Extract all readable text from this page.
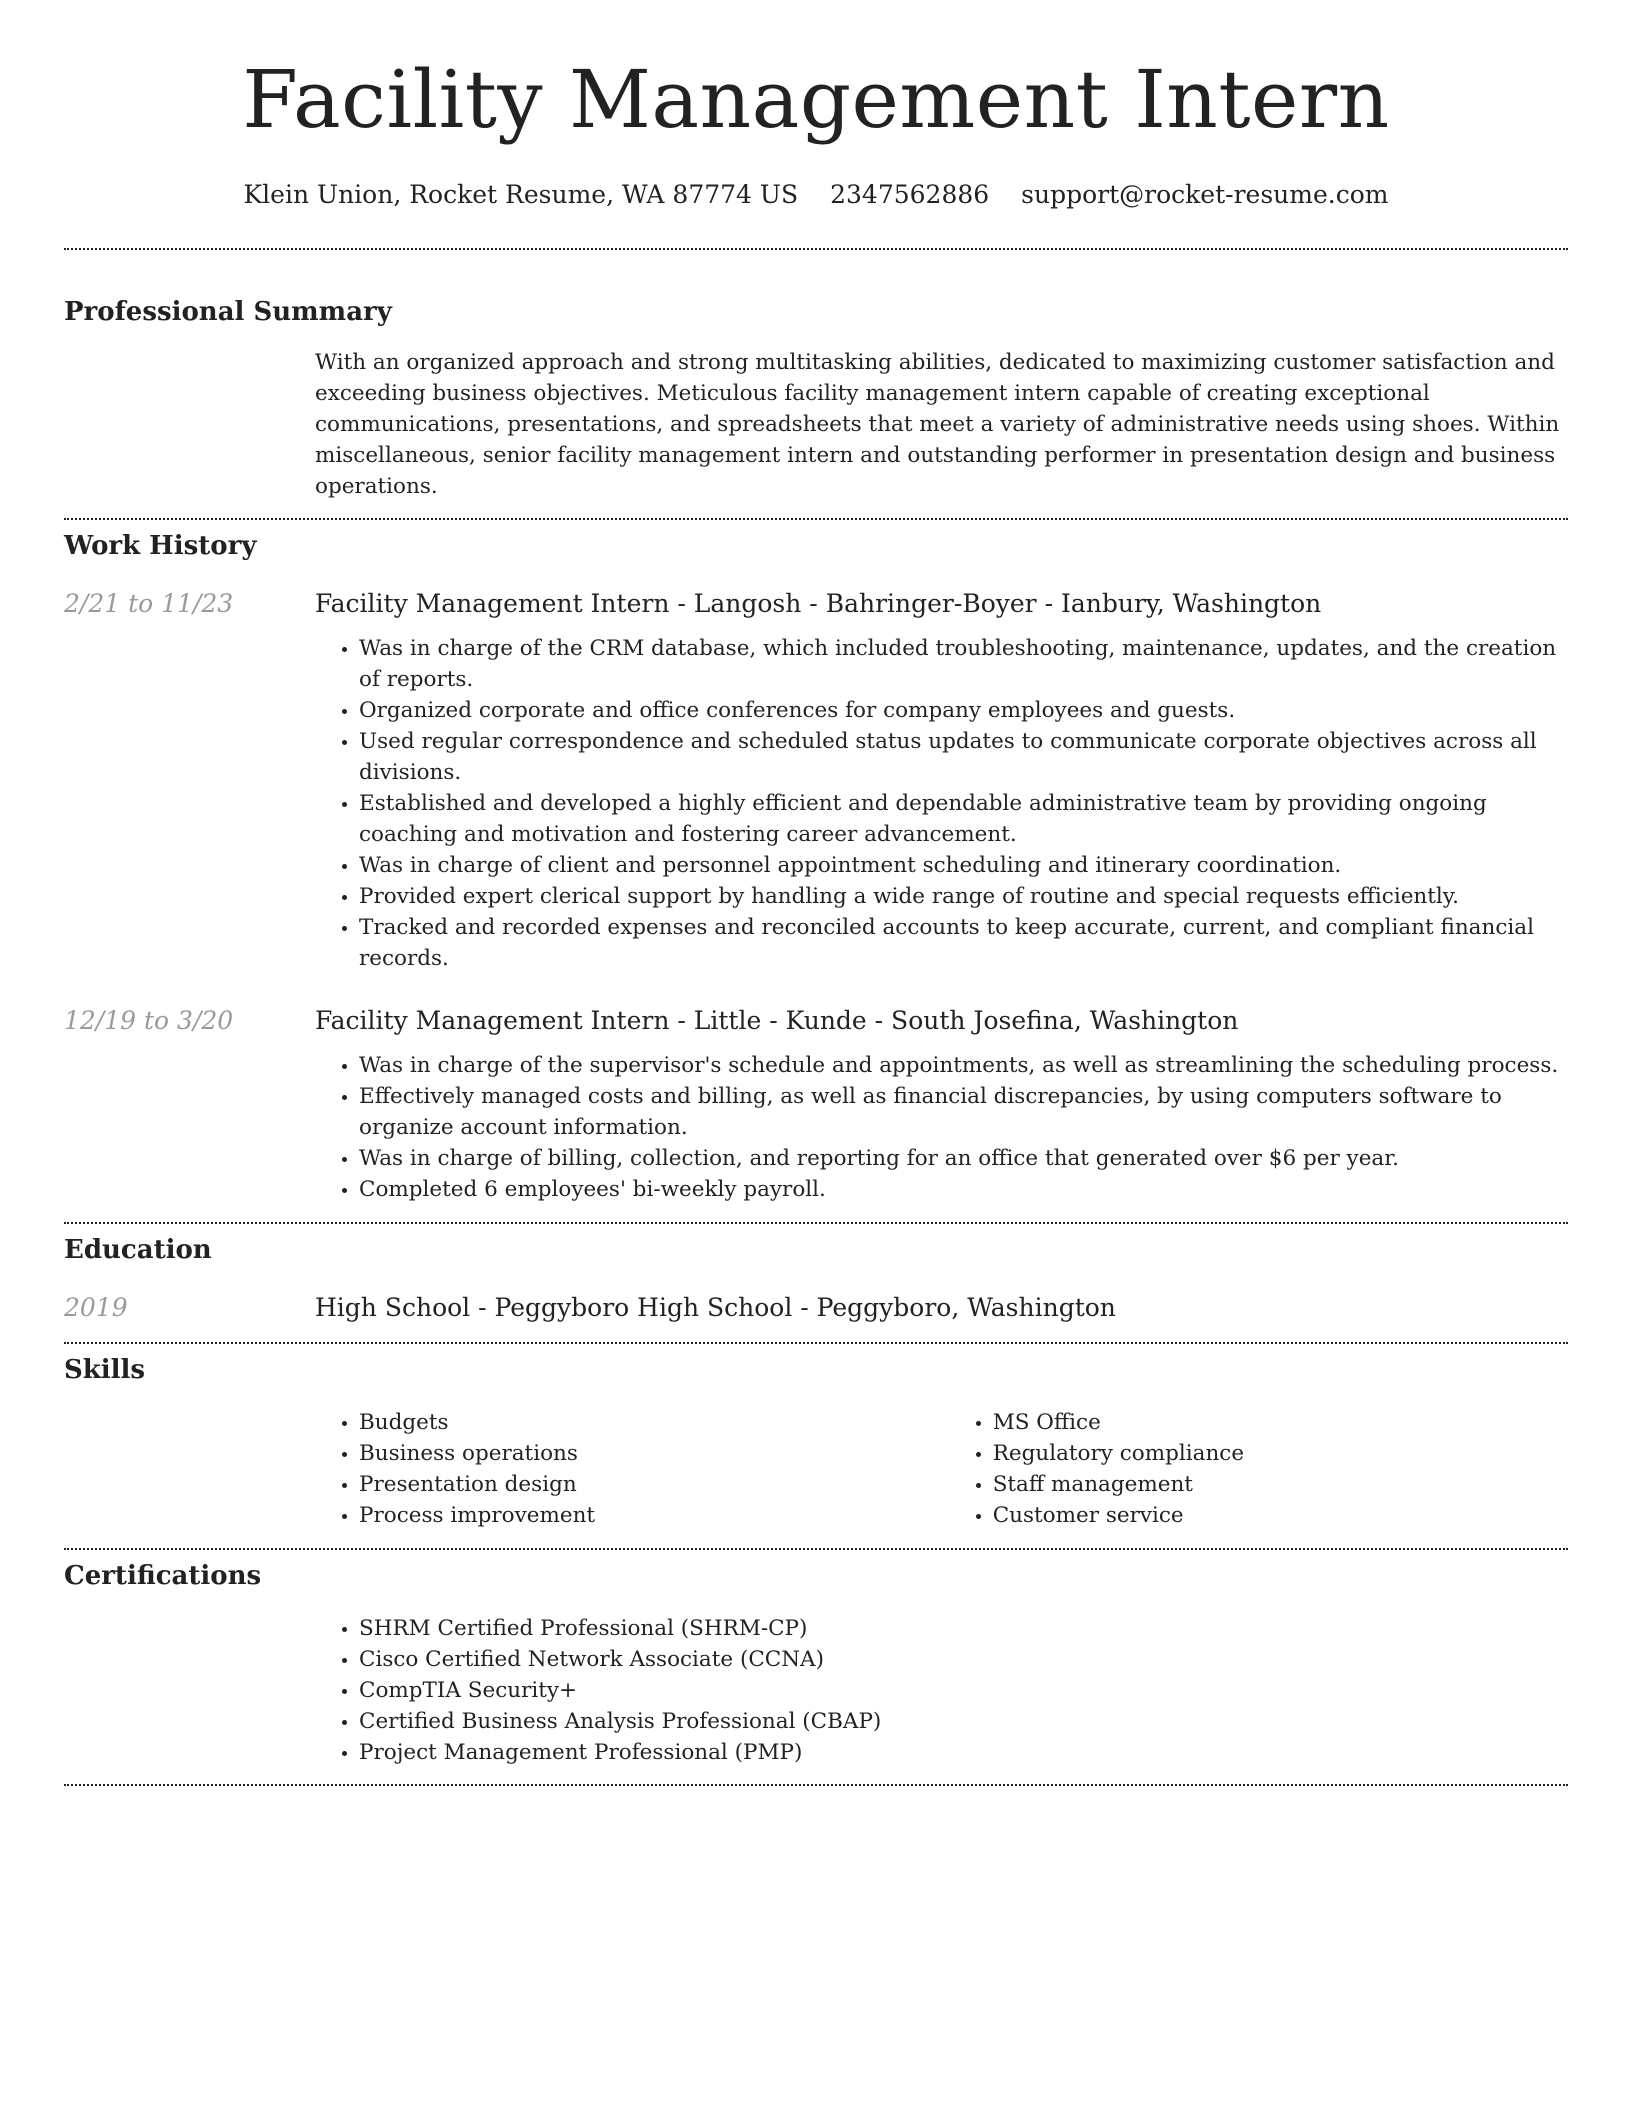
Facility Management Intern
Klein Union, Rocket Resume, WA 87774 US 2347562886 support@rocket-resume.com
Professional Summary

With an organized approach and strong multitasking abilities, dedicated to maximizing customer satisfaction and exceeding business objectives. Meticulous facility management intern capable of creating exceptional communications, presentations, and spreadsheets that meet a variety of administrative needs using shoes. Within miscellaneous, senior facility management intern and outstanding performer in presentation design and business operations.

Work History
2/21 to 11/23	Facility Management Intern - Langosh - Bahringer-Boyer - Ianbury, Washington
• Was in charge of the CRM database, which included troubleshooting, maintenance, updates, and the creation of reports.
• Organized corporate and office conferences for company employees and guests.
• Used regular correspondence and scheduled status updates to communicate corporate objectives across all divisions.
• Established and developed a highly efficient and dependable administrative team by providing ongoing coaching and motivation and fostering career advancement.
• Was in charge of client and personnel appointment scheduling and itinerary coordination.
• Provided expert clerical support by handling a wide range of routine and special requests efficiently.
• Tracked and recorded expenses and reconciled accounts to keep accurate, current, and compliant financial records.
12/19 to 3/20	Facility Management Intern - Little - Kunde - South Josefina, Washington
• Was in charge of the supervisor's schedule and appointments, as well as streamlining the scheduling process.
• Effectively managed costs and billing, as well as financial discrepancies, by using computers software to organize account information.
• Was in charge of billing, collection, and reporting for an office that generated over $6 per year.
• Completed 6 employees' bi-weekly payroll.
Education
2019	High School - Peggyboro High School - Peggyboro, Washington
Skills
• Budgets
• Business operations
• Presentation design
• Process improvement
• MS Office
• Regulatory compliance
• Staff management
• Customer service
Certifications
• SHRM Certified Professional (SHRM-CP)
• Cisco Certified Network Associate (CCNA)
• CompTIA Security+
• Certified Business Analysis Professional (CBAP)
• Project Management Professional (PMP)
